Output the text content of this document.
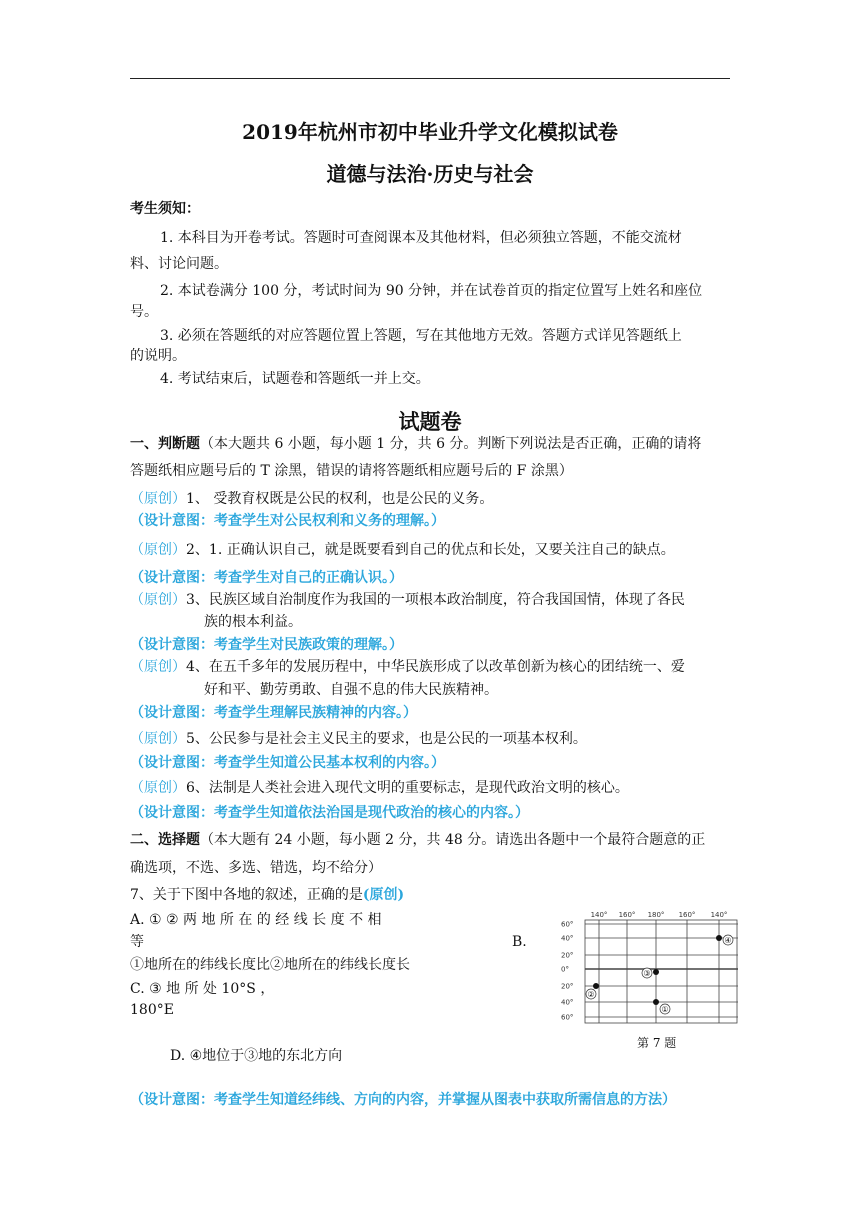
2019年杭州市初中毕业升学文化模拟试卷
道德与法治·历史与社会
考生须知：
1. 本科目为开卷考试。答题时可查阅课本及其他材料，但必须独立答题，不能交流材
料、讨论问题。
2. 本试卷满分 100 分，考试时间为 90 分钟，并在试卷首页的指定位置写上姓名和座位
号。
3. 必须在答题纸的对应答题位置上答题，写在其他地方无效。答题方式详见答题纸上
的说明。
4. 考试结束后，试题卷和答题纸一并上交。
试题卷
一、判断题（本大题共 6 小题，每小题 1 分，共 6 分。判断下列说法是否正确，正确的请将
答题纸相应题号后的 T 涂黑，错误的请将答题纸相应题号后的 F 涂黑）
（原创）1、 受教育权既是公民的权利，也是公民的义务。
（设计意图：考查学生对公民权利和义务的理解。）
（原创）2、1. 正确认识自己，就是既要看到自己的优点和长处，又要关注自己的缺点。
（设计意图：考查学生对自己的正确认识。）
（原创）3、民族区域自治制度作为我国的一项根本政治制度，符合我国国情，体现了各民
族的根本利益。
（设计意图：考查学生对民族政策的理解。）
（原创）4、在五千多年的发展历程中，中华民族形成了以改革创新为核心的团结统一、爱
好和平、勤劳勇敢、自强不息的伟大民族精神。
（设计意图：考查学生理解民族精神的内容。）
（原创）5、公民参与是社会主义民主的要求，也是公民的一项基本权利。
（设计意图：考查学生知道公民基本权利的内容。）
（原创）6、法制是人类社会进入现代文明的重要标志，是现代政治文明的核心。
（设计意图：考查学生知道依法治国是现代政治的核心的内容。）
二、选择题（本大题有 24 小题，每小题 2 分，共 48 分。请选出各题中一个最符合题意的正
确选项，不选、多选、错选，均不给分）
7、关于下图中各地的叙述，正确的是(原创)
A. ① ② 两 地 所 在 的 经 线 长 度 不 相
等	B.
①地所在的纬线长度比②地所在的纬线长度长
C. ③ 地 所 处 10°S ，
180°E
D. ④地位于③地的东北方向
（设计意图：考查学生知道经纬线、方向的内容，并掌握从图表中获取所需信息的方法）
140° 160° 180° 160° 140°
60°
40°
20°
0°
20°
40°
60°
①
②
③
④
第 7 题
